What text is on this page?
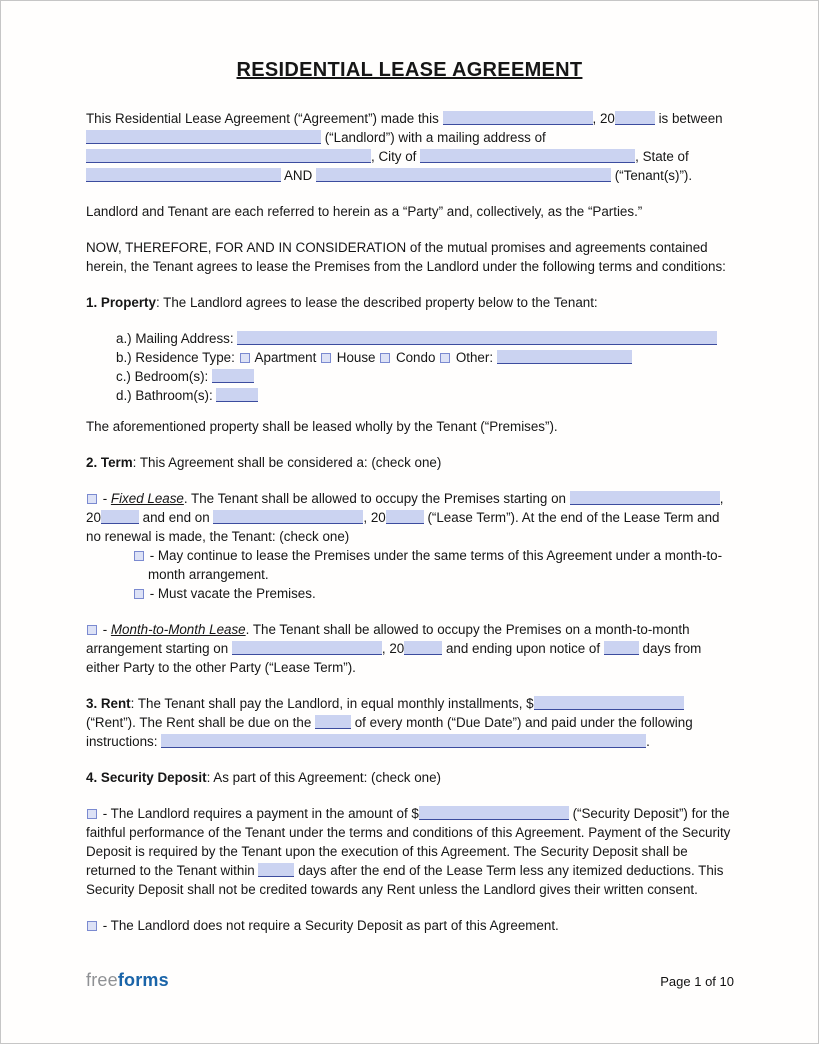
RESIDENTIAL LEASE AGREEMENT

This Residential Lease Agreement (“Agreement”) made this	, 20	is between  (“Landlord”) with a mailing address of , City of	, State of  AND	(“Tenant(s)”).

Landlord and Tenant are each referred to herein as a “Party” and, collectively, as the “Parties.”

NOW, THEREFORE, FOR AND IN CONSIDERATION of the mutual promises and agreements contained herein, the Tenant agrees to lease the Premises from the Landlord under the following terms and conditions:

1. Property: The Landlord agrees to lease the described property below to the Tenant:

a.) Mailing Address:

b.) Residence Type:  Apartment  House  Condo  Other:

c.) Bedroom(s):

d.) Bathroom(s):

The aforementioned property shall be leased wholly by the Tenant (“Premises”).

2. Term: This Agreement shall be considered a: (check one)

- Fixed Lease. The Tenant shall be allowed to occupy the Premises starting on	, 20	and end on	, 20	(“Lease Term”). At the end of the Lease Term and no renewal is made, the Tenant: (check one)

- May continue to lease the Premises under the same terms of this Agreement under a month-to-month arrangement.

- Must vacate the Premises.

- Month-to-Month Lease. The Tenant shall be allowed to occupy the Premises on a month-to-month arrangement starting on	, 20	and ending upon notice of	days from either Party to the other Party (“Lease Term”).

3. Rent: The Tenant shall pay the Landlord, in equal monthly installments, $ (“Rent”). The Rent shall be due on the	of every month (“Due Date”) and paid under the following instructions:	.

4. Security Deposit: As part of this Agreement: (check one)

- The Landlord requires a payment in the amount of $	(“Security Deposit”) for the faithful performance of the Tenant under the terms and conditions of this Agreement. Payment of the Security Deposit is required by the Tenant upon the execution of this Agreement. The Security Deposit shall be returned to the Tenant within	days after the end of the Lease Term less any itemized deductions. This Security Deposit shall not be credited towards any Rent unless the Landlord gives their written consent.

- The Landlord does not require a Security Deposit as part of this Agreement.

freeforms	Page 1 of 10
